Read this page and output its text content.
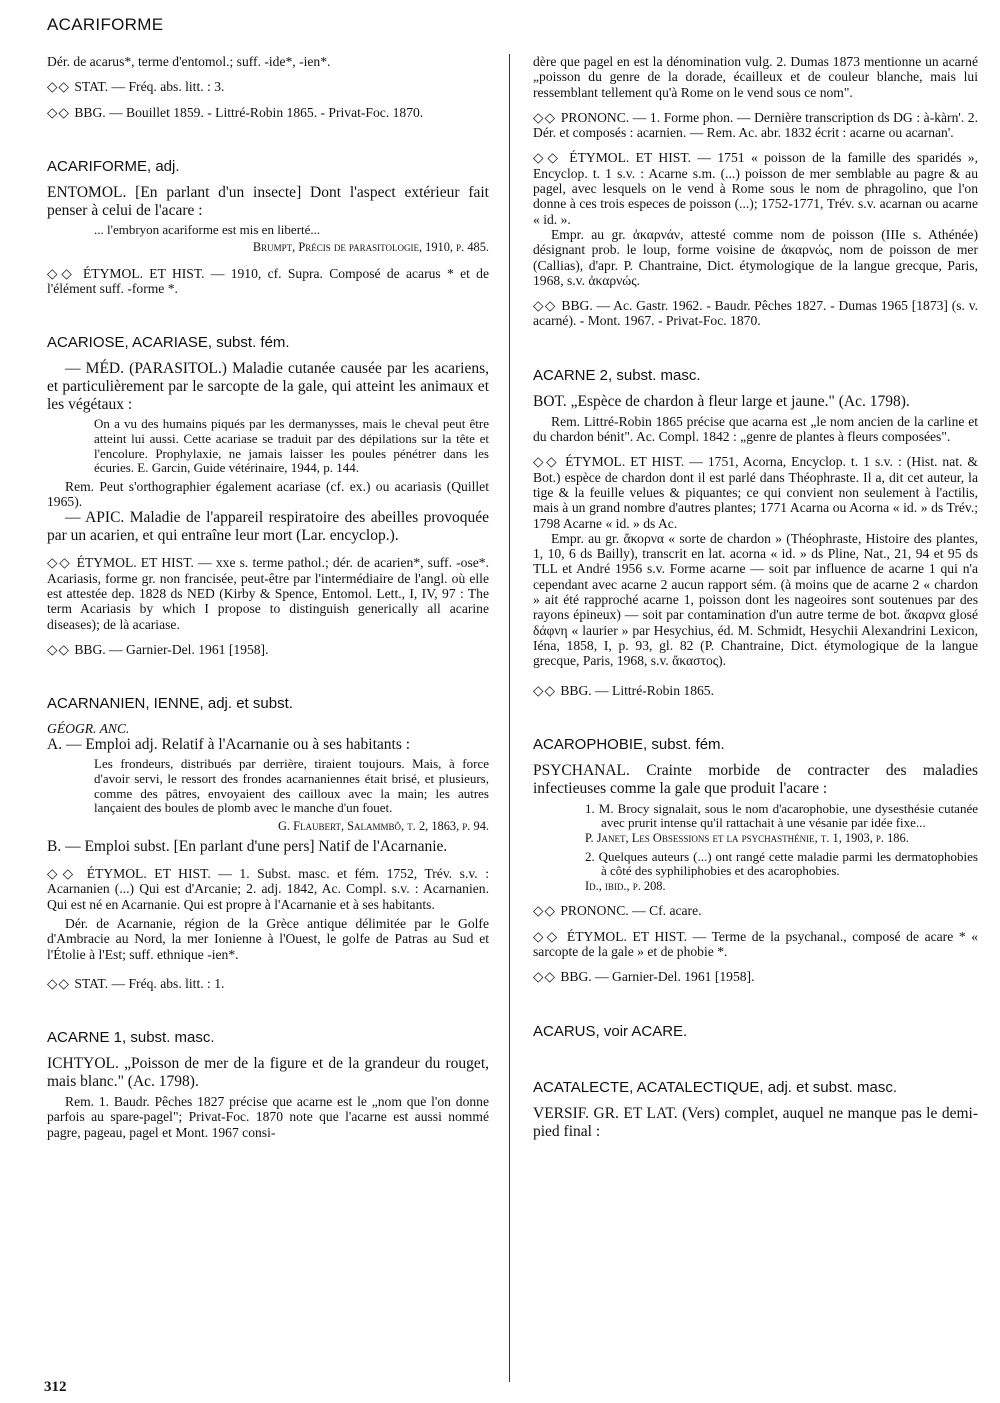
ACARIFORME
Dér. de acarus*, terme d'entomol.; suff. -ide*, -ien*.
◇◇ STAT. — Fréq. abs. litt. : 3.
◇◇ BBG. — Bouillet 1859. - Littré-Robin 1865. - Privat-Foc. 1870.
ACARIFORME, adj.
ENTOMOL. [En parlant d'un insecte] Dont l'aspect extérieur fait penser à celui de l'acare :
... l'embryon acariforme est mis en liberté...
Brumpt, Précis de parasitologie, 1910, p. 485.
◇◇ ÉTYMOL. ET HIST. — 1910, cf. Supra. Composé de acarus * et de l'élément suff. -forme *.
ACARIOSE, ACARIASE, subst. fém.
— MÉD. (PARASITOL.) Maladie cutanée causée par les acariens, et particulièrement par le sarcopte de la gale, qui atteint les animaux et les végétaux :
On a vu des humains piqués par les dermanysses, mais le cheval peut être atteint lui aussi. Cette acariase se traduit par des dépilations sur la tête et l'encolure. Prophylaxie, ne jamais laisser les poules pénétrer dans les écuries. E. Garcin, Guide vétérinaire, 1944, p. 144.
Rem. Peut s'orthographier également acariase (cf. ex.) ou acariasis (Quillet 1965).
— APIC. Maladie de l'appareil respiratoire des abeilles provoquée par un acarien, et qui entraîne leur mort (Lar. encyclop.).
◇◇ ÉTYMOL. ET HIST. — xxe s. terme pathol.; dér. de acarien*, suff. -ose*. Acariasis, forme gr. non francisée, peut-être par l'intermédiaire de l'angl. où elle est attestée dep. 1828 ds NED (Kirby & Spence, Entomol. Lett., I, IV, 97 : The term Acariasis by which I propose to distinguish generically all acarine diseases); de là acariase.
◇◇ BBG. — Garnier-Del. 1961 [1958].
ACARNANIEN, IENNE, adj. et subst.
GÉOGR. ANC.
A. — Emploi adj. Relatif à l'Acarnanie ou à ses habitants :
Les frondeurs, distribués par derrière, tiraient toujours. Mais, à force d'avoir servi, le ressort des frondes acarnaniennes était brisé, et plusieurs, comme des pâtres, envoyaient des cailloux avec la main; les autres lançaient des boules de plomb avec le manche d'un fouet.
G. Flaubert, Salammbô, t. 2, 1863, p. 94.
B. — Emploi subst. [En parlant d'une pers] Natif de l'Acarnanie.
◇◇ ÉTYMOL. ET HIST. — 1. Subst. masc. et fém. 1752, Trév. s.v. : Acarnanien (...) Qui est d'Arcanie; 2. adj. 1842, Ac. Compl. s.v. : Acarnanien. Qui est né en Acarnanie. Qui est propre à l'Acarnanie et à ses habitants.
Dér. de Acarnanie, région de la Grèce antique délimitée par le Golfe d'Ambracie au Nord, la mer Ionienne à l'Ouest, le golfe de Patras au Sud et l'Étolie à l'Est; suff. ethnique -ien*.
◇◇ STAT. — Fréq. abs. litt. : 1.
ACARNE 1, subst. masc.
ICHTYOL. „Poisson de mer de la figure et de la grandeur du rouget, mais blanc." (Ac. 1798).
Rem. 1. Baudr. Pêches 1827 précise que acarne est le „nom que l'on donne parfois au spare-pagel"; Privat-Foc. 1870 note que l'acarne est aussi nommé pagre, pageau, pagel et Mont. 1967 consi-
dère que pagel en est la dénomination vulg. 2. Dumas 1873 mentionne un acarné „poisson du genre de la dorade, écailleux et de couleur blanche, mais lui ressemblant tellement qu'à Rome on le vend sous ce nom".
◇◇ PRONONC. — 1. Forme phon. — Dernière transcription ds DG : à-kàrn'. 2. Dér. et composés : acarnien. — Rem. Ac. abr. 1832 écrit : acarne ou acarnan'.
◇◇ ÉTYMOL. ET HIST. — 1751 « poisson de la famille des sparidés », Encyclop. t. 1 s.v. : Acarne s.m. (...) poisson de mer semblable au pagre & au pagel, avec lesquels on le vend à Rome sous le nom de phragolino, que l'on donne à ces trois especes de poisson (...); 1752-1771, Trév. s.v. acarnan ou acarne « id. ».
Empr. au gr. ἀκαρνάν, attesté comme nom de poisson (IIIe s. Athénée) désignant prob. le loup, forme voisine de ἀκαρνώς, nom de poisson de mer (Callias), d'apr. P. Chantraine, Dict. étymologique de la langue grecque, Paris, 1968, s.v. ἀκαρνώς.
◇◇ BBG. — Ac. Gastr. 1962. - Baudr. Pêches 1827. - Dumas 1965 [1873] (s. v. acarné). - Mont. 1967. - Privat-Foc. 1870.
ACARNE 2, subst. masc.
BOT. „Espèce de chardon à fleur large et jaune." (Ac. 1798).
Rem. Littré-Robin 1865 précise que acarna est „le nom ancien de la carline et du chardon bénit". Ac. Compl. 1842 : „genre de plantes à fleurs composées".
◇◇ ÉTYMOL. ET HIST. — 1751, Acorna, Encyclop. t. 1 s.v. : (Hist. nat. & Bot.) espèce de chardon dont il est parlé dans Théophraste. Il a, dit cet auteur, la tige & la feuille velues & piquantes; ce qui convient non seulement à l'actilis, mais à un grand nombre d'autres plantes; 1771 Acarna ou Acorna « id. » ds Trév.; 1798 Acarne « id. » ds Ac.
Empr. au gr. ἄκορνα « sorte de chardon » (Théophraste, Histoire des plantes, 1, 10, 6 ds Bailly), transcrit en lat. acorna « id. » ds Pline, Nat., 21, 94 et 95 ds TLL et André 1956 s.v. Forme acarne — soit par influence de acarne 1 qui n'a cependant avec acarne 2 aucun rapport sém. (à moins que de acarne 2 « chardon » ait été rapproché acarne 1, poisson dont les nageoires sont soutenues par des rayons épineux) — soit par contamination d'un autre terme de bot. ἄκαρνα glosé δάφνη « laurier » par Hesychius, éd. M. Schmidt, Hesychii Alexandrini Lexicon, Iéna, 1858, I, p. 93, gl. 82 (P. Chantraine, Dict. étymologique de la langue grecque, Paris, 1968, s.v. ἄκαστος).
◇◇ BBG. — Littré-Robin 1865.
ACAROPHOBIE, subst. fém.
PSYCHANAL. Crainte morbide de contracter des maladies infectieuses comme la gale que produit l'acare :
1. M. Brocy signalait, sous le nom d'acarophobie, une dysesthésie cutanée avec prurit intense qu'il rattachait à une vésanie par idée fixe...
P. Janet, Les Obsessions et la psychasthénie, t. 1, 1903, p. 186.
2. Quelques auteurs (...) ont rangé cette maladie parmi les dermatophobies à côté des syphiliphobies et des acarophobies.
Id., ibid., p. 208.
◇◇ PRONONC. — Cf. acare.
◇◇ ÉTYMOL. ET HIST. — Terme de la psychanal., composé de acare * « sarcopte de la gale » et de phobie *.
◇◇ BBG. — Garnier-Del. 1961 [1958].
ACARUS, voir ACARE.
ACATALECTE, ACATALECTIQUE, adj. et subst. masc.
VERSIF. GR. ET LAT. (Vers) complet, auquel ne manque pas le demi-pied final :
312
